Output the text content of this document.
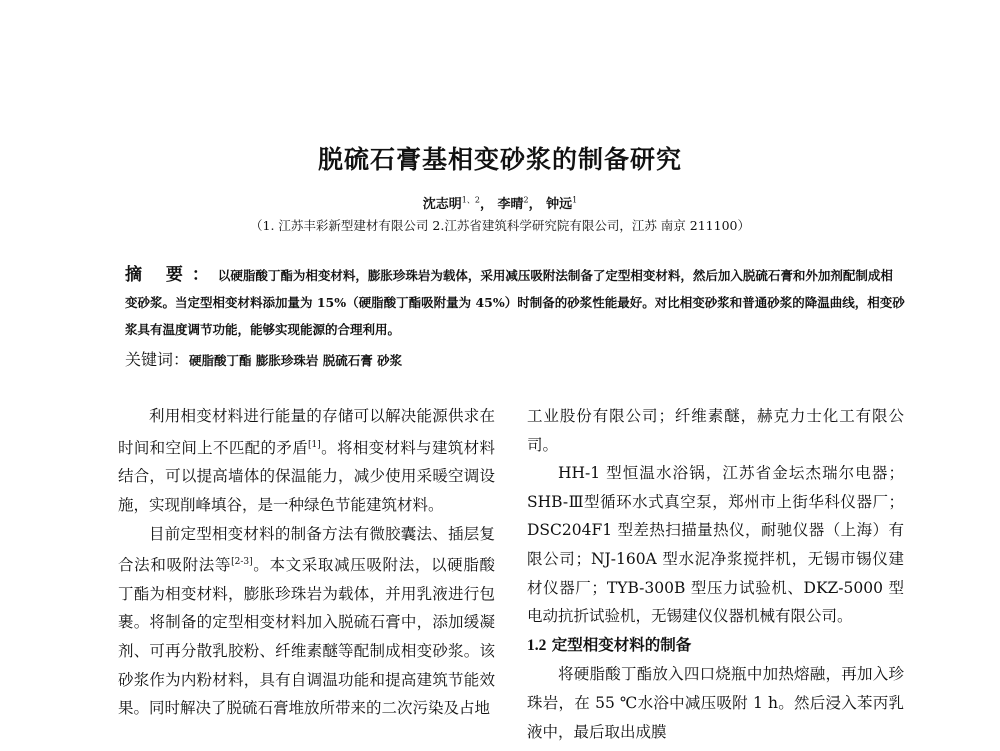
脱硫石膏基相变砂浆的制备研究
沈志明$^{1、2}$， 李晴$^2$， 钟远$^1$
（1. 江苏丰彩新型建材有限公司 2.江苏省建筑科学研究院有限公司，江苏 南京 211100）
摘 要：以硬脂酸丁酯为相变材料，膨胀珍珠岩为载体，采用减压吸附法制备了定型相变材料，然后加入脱硫石膏和外加剂配制成相变砂浆。当定型相变材料添加量为 15%（硬脂酸丁酯吸附量为 45%）时制备的砂浆性能最好。对比相变砂浆和普通砂浆的降温曲线，相变砂浆具有温度调节功能，能够实现能源的合理利用。
关键词：硬脂酸丁酯 膨胀珍珠岩 脱硫石膏 砂浆

利用相变材料进行能量的存储可以解决能源供求在时间和空间上不匹配的矛盾[1]。将相变材料与建筑材料结合，可以提高墙体的保温能力，减少使用采暖空调设施，实现削峰填谷，是一种绿色节能建筑材料。

目前定型相变材料的制备方法有微胶囊法、插层复合法和吸附法等[2-3]。本文采取减压吸附法，以硬脂酸丁酯为相变材料，膨胀珍珠岩为载体，并用乳液进行包裹。将制备的定型相变材料加入脱硫石膏中，添加缓凝剂、可再分散乳胶粉、纤维素醚等配制成相变砂浆。该砂浆作为内粉材料，具有自调温功能和提高建筑节能效果。同时解决了脱硫石膏堆放所带来的二次污染及占地

工业股份有限公司；纤维素醚，赫克力士化工有限公司。

HH-1 型恒温水浴锅，江苏省金坛杰瑞尔电器；SHB-Ⅲ型循环水式真空泵，郑州市上街华科仪器厂；DSC204F1 型差热扫描量热仪，耐驰仪器（上海）有限公司；NJ-160A 型水泥净浆搅拌机，无锡市锡仪建材仪器厂；TYB-300B 型压力试验机、DKZ-5000 型电动抗折试验机，无锡建仪仪器机械有限公司。

1.2 定型相变材料的制备

将硬脂酸丁酯放入四口烧瓶中加热熔融，再加入珍珠岩，在 55 ℃水浴中减压吸附 1 h。然后浸入苯丙乳液中，最后取出成膜
